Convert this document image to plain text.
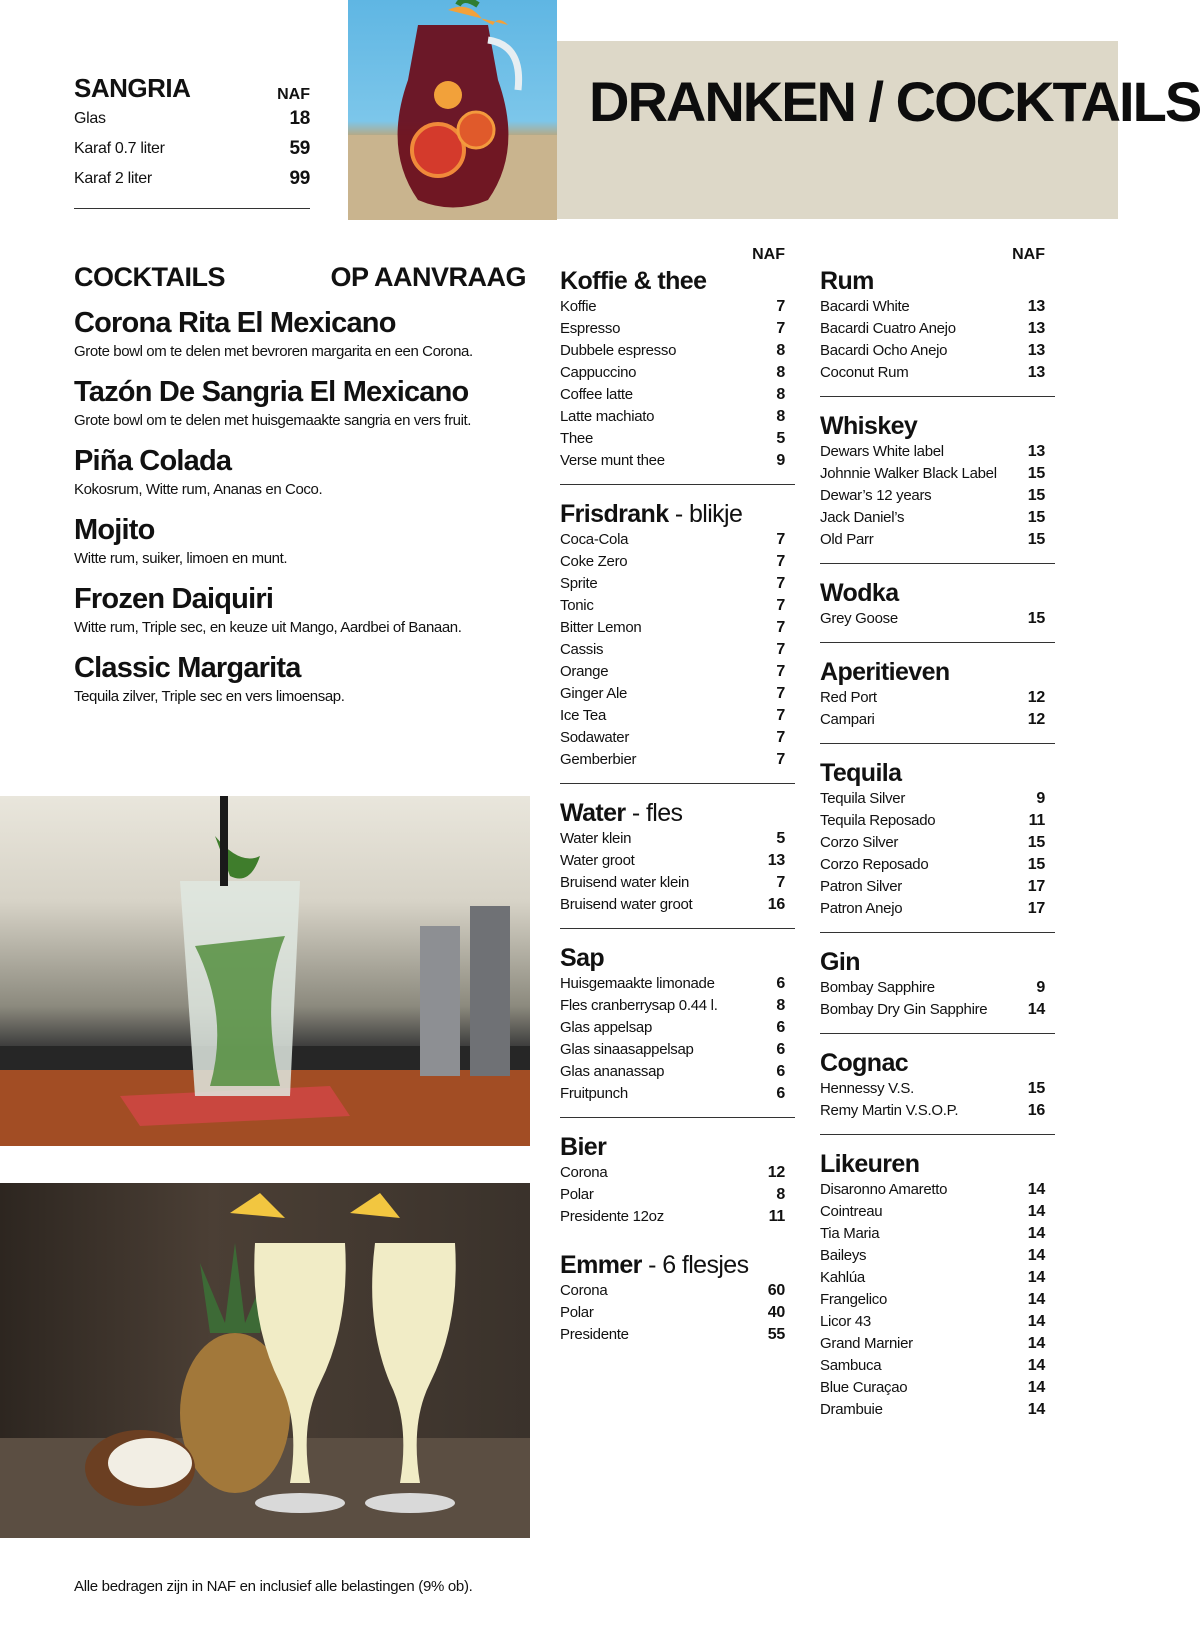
DRANKEN / COCKTAILS
SANGRIA	NAF
Glas	18
Karaf 0.7 liter	59
Karaf 2 liter	99
COCKTAILS	OP AANVRAAG
Corona Rita El Mexicano
Grote bowl om te delen met bevroren margarita en een Corona.
Tazón De Sangria El Mexicano
Grote bowl om te delen met huisgemaakte sangria en vers fruit.
Piña Colada
Kokosrum, Witte rum, Ananas en Coco.
Mojito
Witte rum, suiker, limoen en munt.
Frozen Daiquiri
Witte rum, Triple sec, en keuze uit Mango, Aardbei of Banaan.
Classic Margarita
Tequila zilver, Triple sec en vers limoensap.
NAF
Koffie & thee
Koffie	7
Espresso	7
Dubbele espresso	8
Cappuccino	8
Coffee latte	8
Latte machiato	8
Thee	5
Verse munt thee	9
Frisdrank - blikje
Coca-Cola	7
Coke Zero	7
Sprite	7
Tonic	7
Bitter Lemon	7
Cassis	7
Orange	7
Ginger Ale	7
Ice Tea	7
Sodawater	7
Gemberbier	7
Water - fles
Water klein	5
Water groot	13
Bruisend water klein	7
Bruisend water groot	16
Sap
Huisgemaakte limonade	6
Fles cranberrysap 0.44 l.	8
Glas appelsap	6
Glas sinaasappelsap	6
Glas ananassap	6
Fruitpunch	6
Bier
Corona	12
Polar	8
Presidente 12oz	11
Emmer - 6 flesjes
Corona	60
Polar	40
Presidente	55
NAF
Rum
Bacardi White	13
Bacardi Cuatro Anejo	13
Bacardi Ocho Anejo	13
Coconut Rum	13
Whiskey
Dewars White label	13
Johnnie Walker Black Label 15
Dewar’s 12 years	15
Jack Daniel’s	15
Old Parr	15
Wodka
Grey Goose	15
Aperitieven
Red Port	12
Campari	12
Tequila
Tequila Silver	9
Tequila Reposado	11
Corzo Silver	15
Corzo Reposado	15
Patron Silver	17
Patron Anejo	17
Gin
Bombay Sapphire	9
Bombay Dry Gin Sapphire	14
Cognac
Hennessy V.S.	15
Remy Martin V.S.O.P.	16
Likeuren
Disaronno Amaretto	14
Cointreau	14
Tia Maria	14
Baileys	14
Kahlúa	14
Frangelico	14
Licor 43	14
Grand Marnier	14
Sambuca	14
Blue Curaçao	14
Drambuie	14
Alle bedragen zijn in NAF en inclusief alle belastingen (9% ob).
